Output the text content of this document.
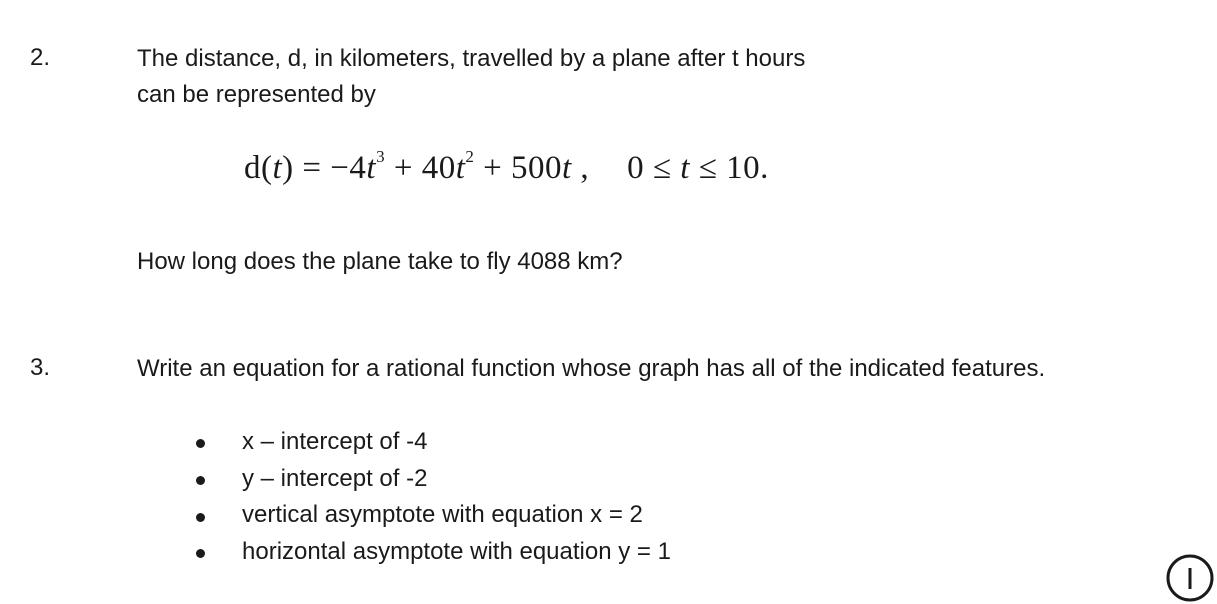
2.	The distance, d, in kilometers, travelled by a plane after t hours
can be represented by
$d(t) = -4t^3 + 40t^2 + 500t$ , 0 ≤ t ≤ 10.
How long does the plane take to fly 4088 km?
3.	Write an equation for a rational function whose graph has all of the indicated features.
x – intercept of -4
y – intercept of -2
vertical asymptote with equation x = 2
horizontal asymptote with equation y = 1
